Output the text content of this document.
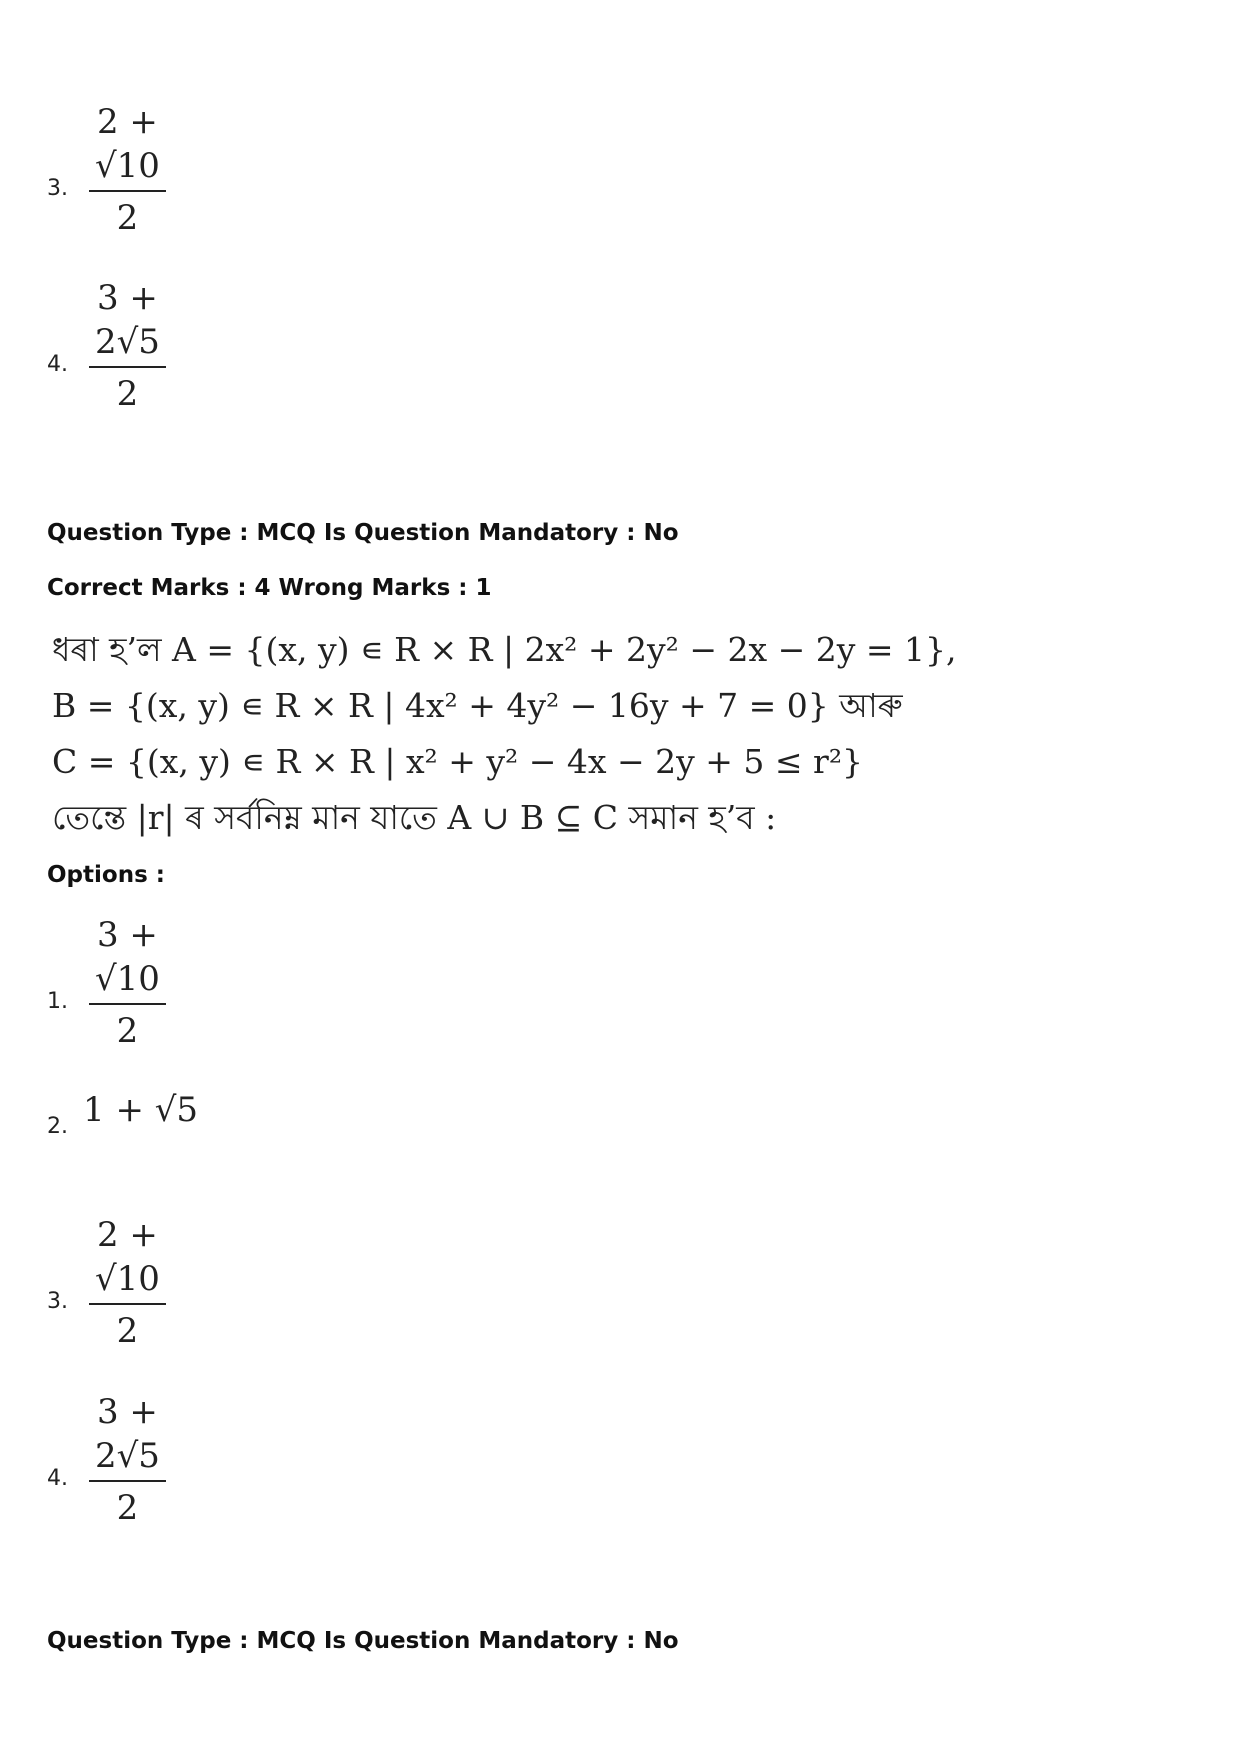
3. $\frac{2 + √10}{2}$
4. $\frac{3 + 2√5}{2}$
Question Type : MCQ Is Question Mandatory : No
Correct Marks : 4 Wrong Marks : 1
ধৰা হ’ল A = {(x, y) ∊ R × R | 2x² + 2y² − 2x − 2y = 1},
B = {(x, y) ∊ R × R | 4x² + 4y² − 16y + 7 = 0} আৰু
C = {(x, y) ∊ R × R | x² + y² − 4x − 2y + 5 ≤ r²}
তেন্তে |r| ৰ সৰ্বনিম্ন মান যাতে A ∪ B ⊆ C সমান হ’ব :
Options :
1. $\frac{3 + √10}{2}$
2. 1 + √5
3. $\frac{2 + √10}{2}$
4. $\frac{3 + 2√5}{2}$
Question Type : MCQ Is Question Mandatory : No
